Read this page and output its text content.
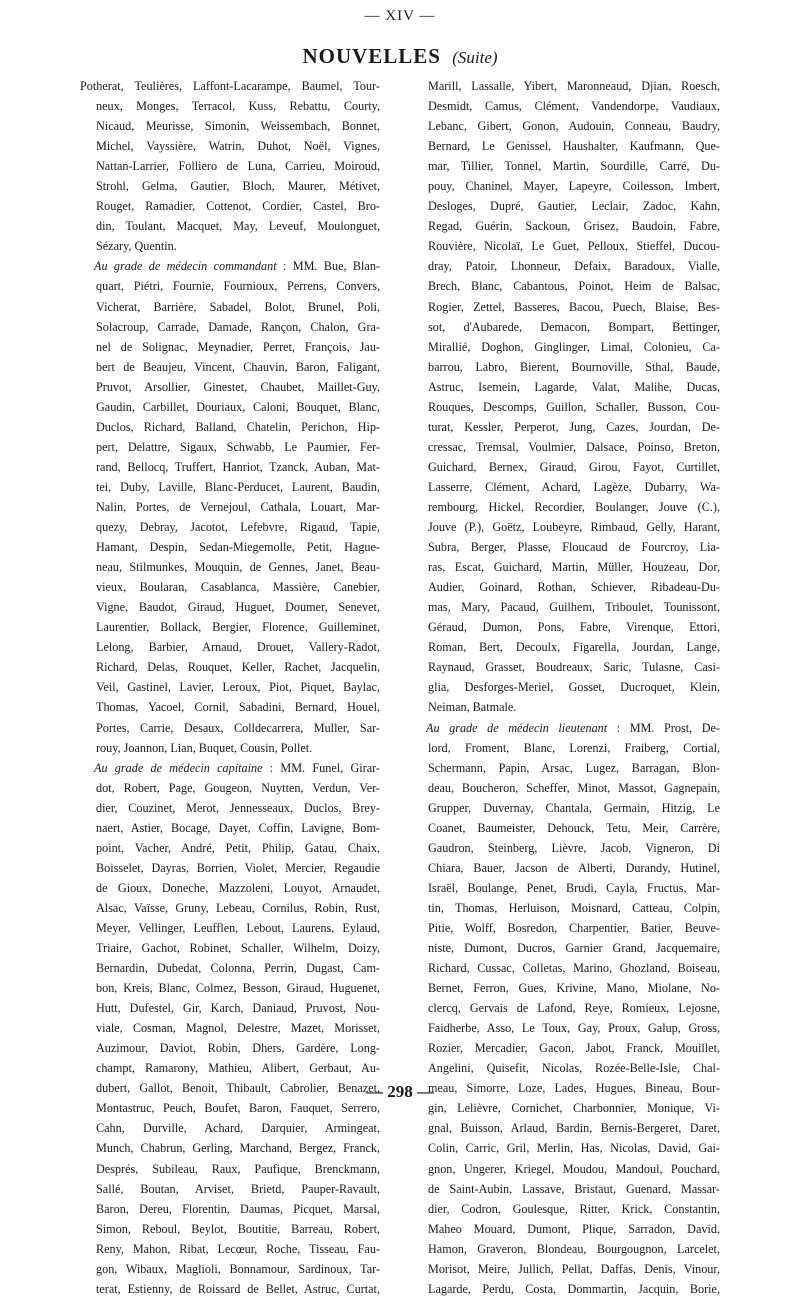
— XIV —
NOUVELLES (Suite)
Potherat, Teulières, Laffont-Lacarampe, Baumel, Tour-
neux, Monges, Terracol, Kuss, Rebattu, Courty,
Nicaud, Meurisse, Simonin, Weissembach, Bonnet,
Michel, Vayssière, Watrin, Duhot, Noël, Vignes,
Nattan-Larrier, Folliero de Luna, Carrieu, Moiroud,
Strohl, Gelma, Gautier, Bloch, Maurer, Métivet,
Rouget, Ramadier, Cottenot, Cordier, Castel, Bro-
din, Toulant, Macquet, May, Leveuf, Moulonguet,
Sézary, Quentin.
Au grade de médecin commandant : MM. Bue, Blan-
quart, Piétri, Fournie, Fournioux, Perrens, Convers,
Vicherat, Barrière, Sabadel, Bolot, Brunel, Poli,
Solacroup, Carrade, Damade, Rançon, Chalon, Gra-
nel de Solignac, Meynadier, Perret, François, Jau-
bert de Beaujeu, Vincent, Chauvin, Baron, Faligant,
Pruvot, Arsollier, Ginestet, Chaubet, Maillet-Guy,
Gaudin, Carbillet, Douriaux, Caloni, Bouquet, Blanc,
Duclos, Richard, Balland, Chatelin, Perichon, Hip-
pert, Delattre, Sigaux, Schwabb, Le Paumier, Fer-
rand, Bellocq, Truffert, Hanriot, Tzanck, Auban, Mat-
tei, Duby, Laville, Blanc-Perducet, Laurent, Baudin,
Nalin, Portes, de Vernejoul, Cathala, Louart, Mar-
quezy, Debray, Jacotot, Lefebvre, Rigaud, Tapie,
Hamant, Despin, Sedan-Miegemolle, Petit, Hague-
neau, Stilmunkes, Mouquin, de Gennes, Janet, Beau-
vieux, Boularan, Casablanca, Massière, Canebier,
Vigne, Baudot, Giraud, Huguet, Doumer, Senevet,
Laurentier, Bollack, Bergier, Florence, Guilleminet,
Lelong, Barbier, Arnaud, Drouet, Vallery-Radot,
Richard, Delas, Rouquet, Keller, Rachet, Jacquelin,
Veil, Gastinel, Lavier, Leroux, Piot, Piquet, Baylac,
Thomas, Yacoel, Cornil, Sabadini, Bernard, Houel,
Portes, Carrie, Desaux, Colldecarrera, Muller, Sar-
rouy, Joannon, Lian, Buquet, Cousin, Pollet.
Au grade de médecin capitaine : MM. Funel, Girar-
dot, Robert, Page, Gougeon, Nuytten, Verdun, Ver-
dier, Couzinet, Merot, Jennesseaux, Duclos, Brey-
naert, Astier, Bocage, Dayet, Coffin, Lavigne, Bom-
point, Vacher, André, Petit, Philip, Gatau, Chaix,
Boisselet, Dayras, Borrien, Violet, Mercier, Regaudie
de Gioux, Doneche, Mazzoleni, Louyot, Arnaudet,
Alsac, Vaïsse, Gruny, Lebeau, Cornilus, Robin, Rust,
Meyer, Vellinger, Leufflen, Lebout, Laurens, Eylaud,
Triaire, Gachot, Robinet, Schaller, Wilhelm, Doizy,
Bernardin, Dubedat, Colonna, Perrin, Dugast, Cam-
bon, Kreis, Blanc, Colmez, Besson, Giraud, Huguenet,
Hutt, Dufestel, Gir, Karch, Daniaud, Pruvost, Nou-
viale, Cosman, Magnol, Delestre, Mazet, Morisset,
Auzimour, Daviot, Robin, Dhers, Gardère, Long-
champt, Ramarony, Mathieu, Alibert, Gerbaut, Au-
dubert, Gallot, Benoit, Thibault, Cabrolier, Benazet,
Montastruc, Peuch, Boufet, Baron, Fauquet, Serrero,
Cahn, Durville, Achard, Darquier, Armingeat,
Munch, Chabrun, Gerling, Marchand, Bergez, Franck,
Després, Subileau, Raux, Paufique, Brenckmann,
Sallé, Boutan, Arviset, Brietd, Pauper-Ravault,
Baron, Dereu, Florentin, Daumas, Picquet, Marsal,
Simon, Reboul, Beylot, Boutitie, Barreau, Robert,
Reny, Mahon, Ribat, Lecœur, Roche, Tisseau, Fau-
gon, Wibaux, Maglioli, Bonnamour, Sardinoux, Tar-
terat, Estienny, de Roissard de Bellet, Astruc, Curtat,
Marill, Lassalle, Yibert, Maronneaud, Djian, Roesch,
Desmidt, Camus, Clément, Vandendorpe, Vaudiaux,
Lebanc, Gibert, Gonon, Audouin, Conneau, Baudry,
Bernard, Le Genissel, Haushalter, Kaufmann, Que-
mar, Tillier, Tonnel, Martin, Sourdille, Carré, Du-
pouy, Chaninel, Mayer, Lapeyre, Coilesson, Imbert,
Desloges, Dupré, Gautier, Leclair, Zadoc, Kahn,
Regad, Guérin, Sackoun, Grisez, Baudoin, Fabre,
Rouvière, Nicolaï, Le Guet, Pelloux, Stieffel, Ducou-
dray, Patoir, Lhonneur, Defaix, Baradoux, Vialle,
Brech, Blanc, Cabantous, Poinot, Heim de Balsac,
Rogier, Zettel, Basseres, Bacou, Puech, Blaise, Bes-
sot, d'Aubarede, Demacon, Bompart, Bettinger,
Mirallié, Doghon, Ginglinger, Limal, Colonieu, Ca-
barrou, Labro, Bierent, Bournoville, Sthal, Baude,
Astruc, Isemein, Lagarde, Valat, Malihe, Ducas,
Rouques, Descomps, Guillon, Schaller, Busson, Cou-
turat, Kessler, Perperot, Jung, Cazes, Jourdan, De-
cressac, Tremsal, Voulmier, Dalsace, Poinso, Breton,
Guichard, Bernex, Giraud, Girou, Fayot, Curtillet,
Lasserre, Clément, Achard, Lagèze, Dubarry, Wa-
rembourg, Hickel, Recordier, Boulanger, Jouve (C.),
Jouve (P.), Goëtz, Loubeyre, Rimbaud, Gelly, Harant,
Subra, Berger, Plasse, Floucaud de Fourcroy, Lia-
ras, Escat, Guichard, Martin, Müller, Houzeau, Dor,
Audier, Goinard, Rothan, Schiever, Ribadeau-Du-
mas, Mary, Pacaud, Guilhem, Triboulet, Tounissont,
Géraud, Dumon, Pons, Fabre, Virenque, Ettori,
Roman, Bert, Decoulx, Figarella, Jourdan, Lange,
Raynaud, Grasset, Boudreaux, Saric, Tulasne, Casi-
glia, Desforges-Meriel, Gosset, Ducroquet, Klein,
Neiman, Batmale.
Au grade de médecin lieutenant : MM. Prost, De-
lord, Froment, Blanc, Lorenzi, Fraiberg, Cortial,
Schermann, Papin, Arsac, Lugez, Barragan, Blon-
deau, Boucheron, Scheffer, Minot, Massot, Gagnepain,
Grupper, Duvernay, Chantala, Germain, Hitzig, Le
Coanet, Baumeister, Dehouck, Tetu, Meir, Carrère,
Gaudron, Steinberg, Lièvre, Jacob, Vigneron, Di
Chiara, Bauer, Jacson de Alberti, Durandy, Hutinel,
Israël, Boulange, Penet, Brudi, Cayla, Fructus, Mar-
tin, Thomas, Herluison, Moisnard, Catteau, Colpin,
Pitie, Wolff, Bosredon, Charpentier, Batier, Beuve-
niste, Dumont, Ducros, Garnier Grand, Jacquemaire,
Richard, Cussac, Colletas, Marino, Ghozland, Boiseau,
Bernet, Ferron, Gues, Krivine, Mano, Miolane, No-
clercq, Gervais de Lafond, Reye, Romieux, Lejosne,
Faidherbe, Asso, Le Toux, Gay, Proux, Galup, Gross,
Rozier, Mercadier, Gacon, Jabot, Franck, Mouillet,
Angelini, Quisefit, Nicolas, Rozée-Belle-Isle, Chal-
meau, Simorre, Loze, Lades, Hugues, Bineau, Bour-
gin, Lelièvre, Cornichet, Charbonnier, Monique, Vi-
gnal, Buisson, Arlaud, Bardin, Bernis-Bergeret, Daret,
Colin, Carric, Gril, Merlin, Has, Nicolas, David, Gai-
gnon, Ungerer, Kriegel, Moudou, Mandoul, Pouchard,
de Saint-Aubin, Lassave, Bristaut, Guenard, Massar-
dier, Codron, Goulesque, Ritter, Krick, Constantin,
Maheo Mouard, Dumont, Plique, Sarradon, David,
Hamon, Graveron, Blondeau, Bourgougnon, Larcelet,
Morisot, Meire, Jullich, Pellat, Daffas, Denis, Vinour,
Lagarde, Perdu, Costa, Dommartin, Jacquin, Borie,
— 298 —
